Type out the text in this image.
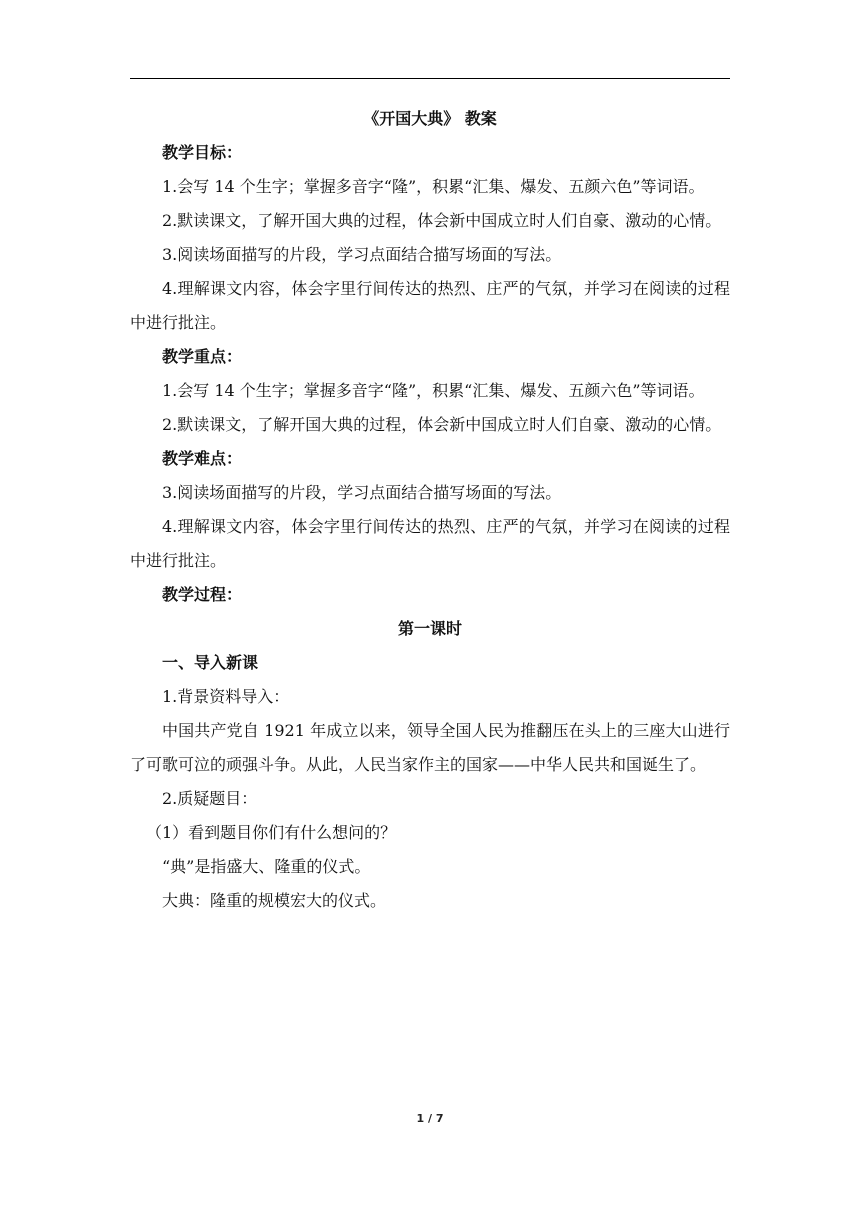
《开国大典》 教案

教学目标：

1.会写 14 个生字；掌握多音字“隆”，积累“汇集、爆发、五颜六色”等词语。

2.默读课文，了解开国大典的过程，体会新中国成立时人们自豪、激动的心情。

3.阅读场面描写的片段，学习点面结合描写场面的写法。

4.理解课文内容，体会字里行间传达的热烈、庄严的气氛，并学习在阅读的过程中进行批注。

教学重点：

1.会写 14 个生字；掌握多音字“隆”，积累“汇集、爆发、五颜六色”等词语。

2.默读课文，了解开国大典的过程，体会新中国成立时人们自豪、激动的心情。

教学难点：

3.阅读场面描写的片段，学习点面结合描写场面的写法。

4.理解课文内容，体会字里行间传达的热烈、庄严的气氛，并学习在阅读的过程中进行批注。

教学过程：

第一课时

一、导入新课

1.背景资料导入：

中国共产党自 1921 年成立以来，领导全国人民为推翻压在头上的三座大山进行了可歌可泣的顽强斗争。从此，人民当家作主的国家——中华人民共和国诞生了。

2.质疑题目：

（1）看到题目你们有什么想问的？

“典”是指盛大、隆重的仪式。

大典：隆重的规模宏大的仪式。

1 / 7
